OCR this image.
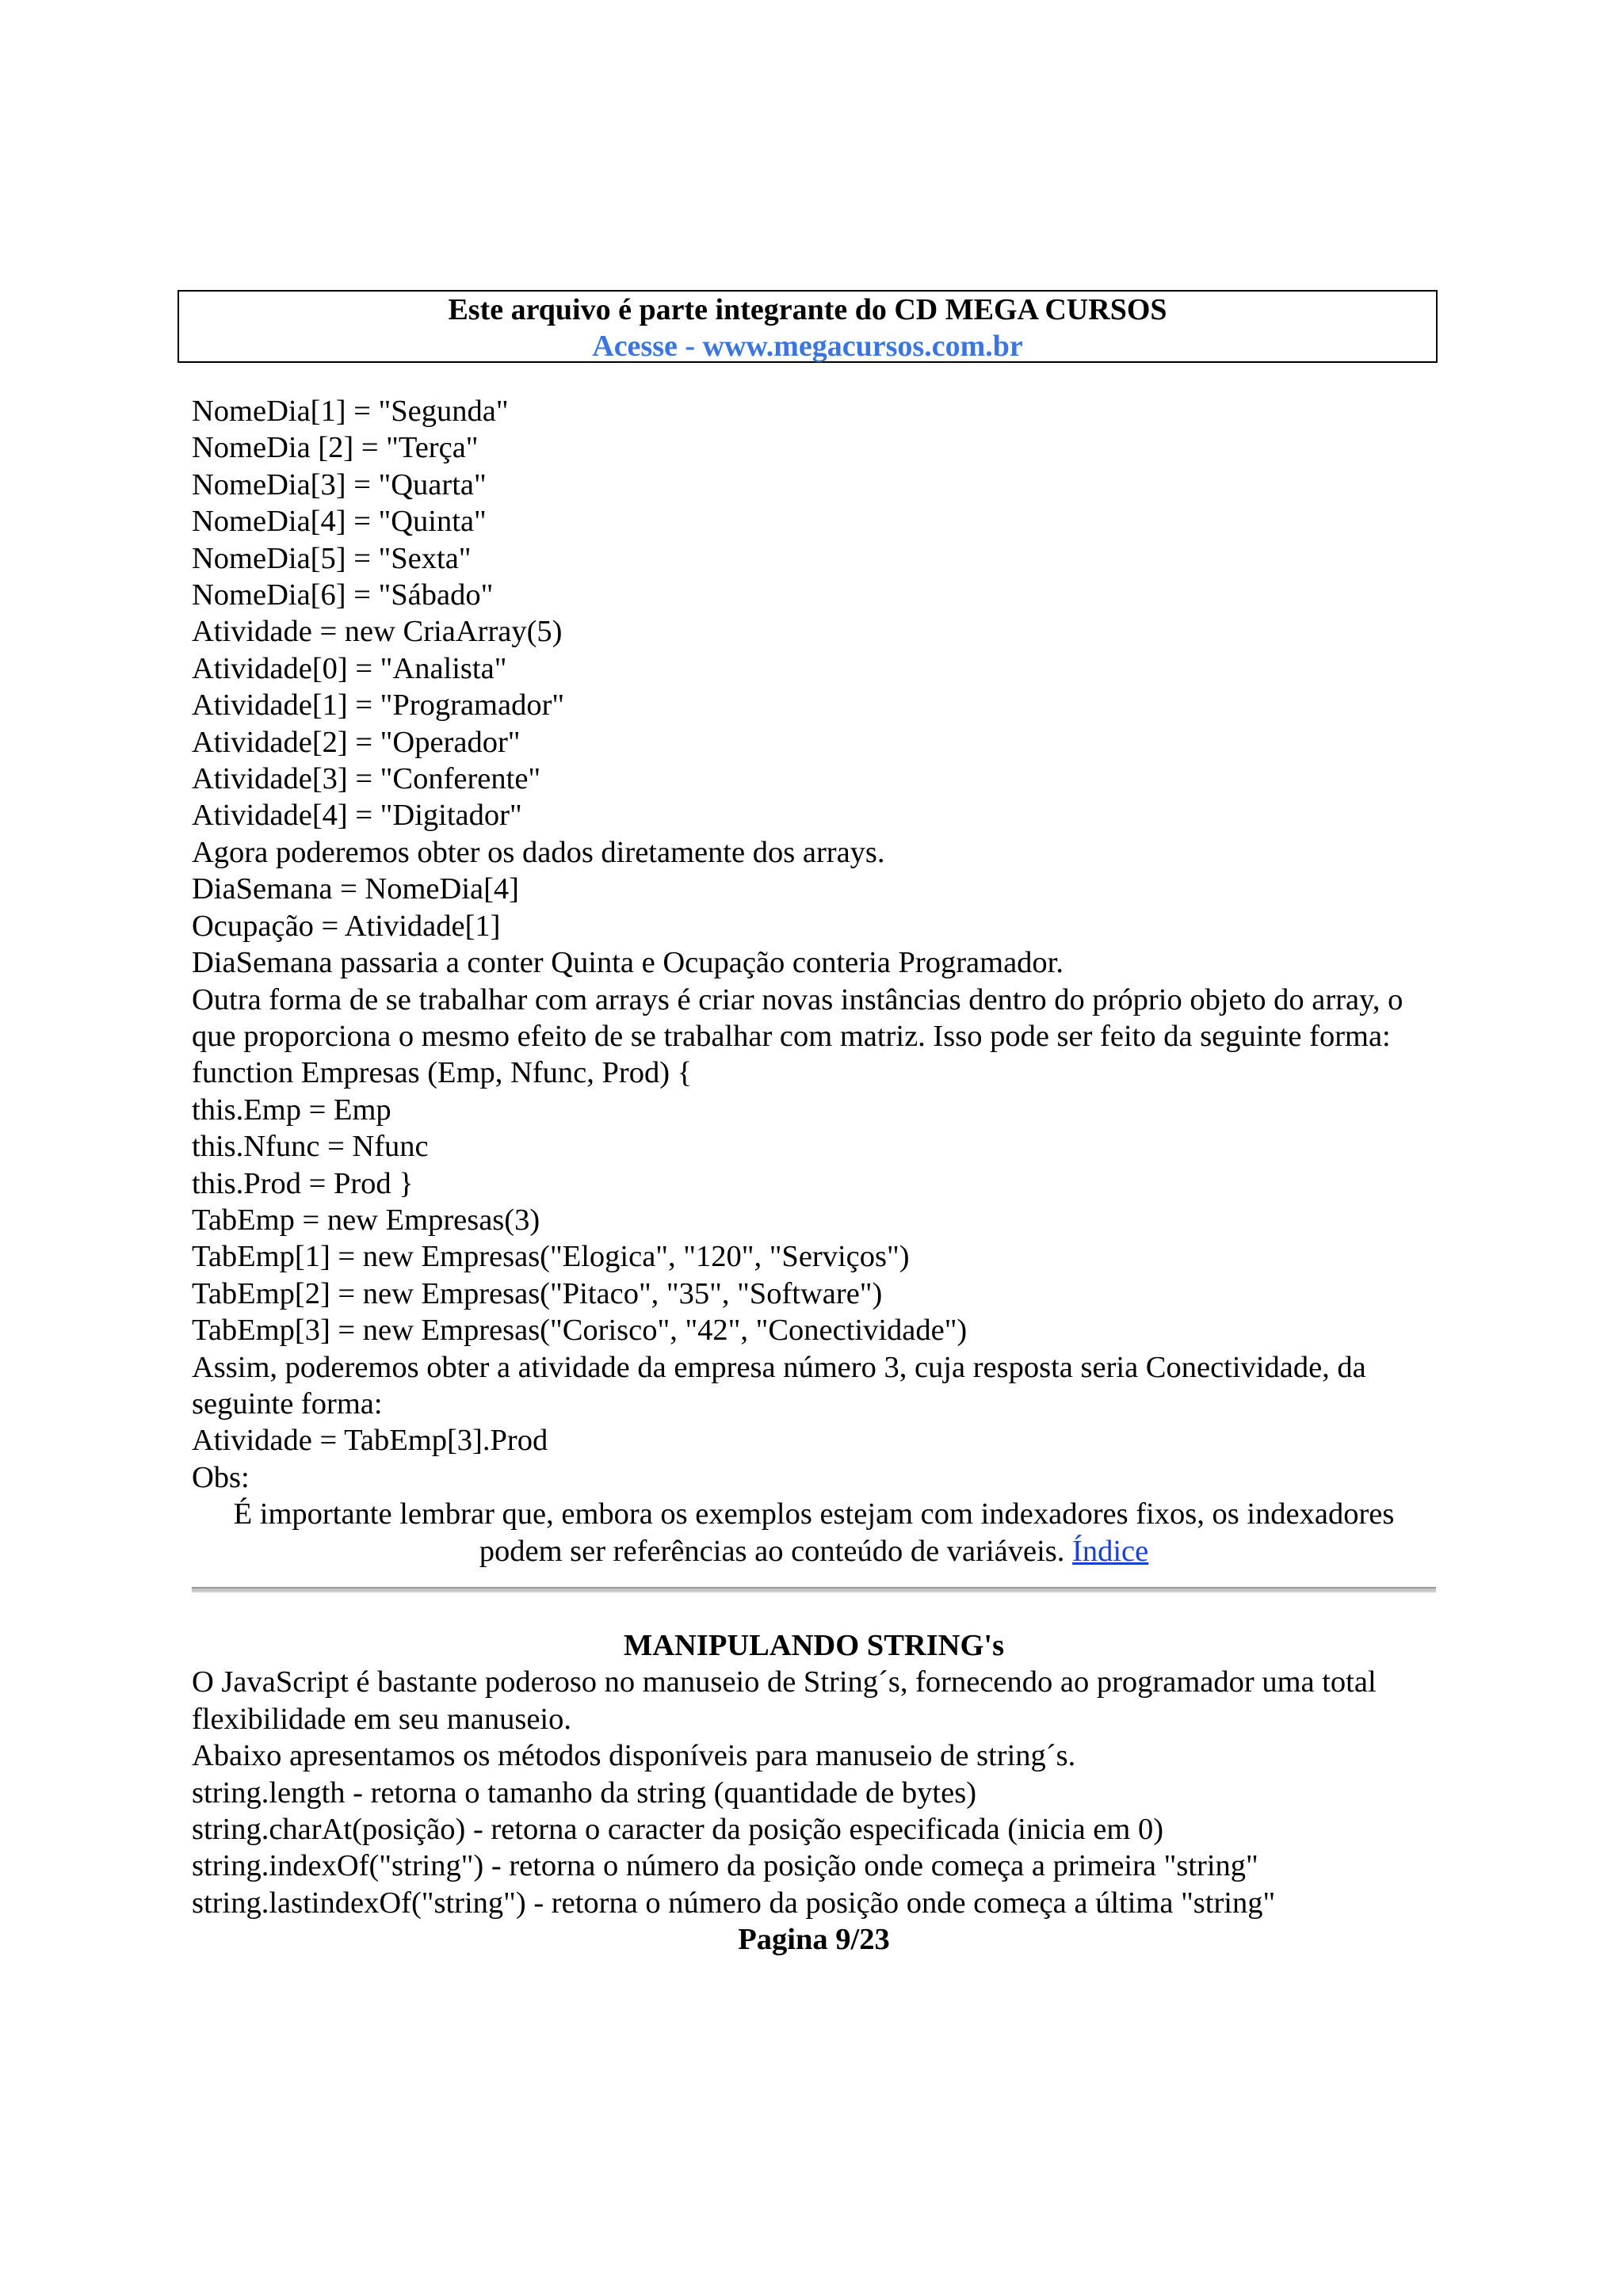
Este arquivo é parte integrante do CD MEGA CURSOS
Acesse - www.megacursos.com.br
NomeDia[1] = "Segunda"
NomeDia [2] = "Terça"
NomeDia[3] = "Quarta"
NomeDia[4] = "Quinta"
NomeDia[5] = "Sexta"
NomeDia[6] = "Sábado"
Atividade = new CriaArray(5)
Atividade[0] = "Analista"
Atividade[1] = "Programador"
Atividade[2] = "Operador"
Atividade[3] = "Conferente"
Atividade[4] = "Digitador"
Agora poderemos obter os dados diretamente dos arrays.
DiaSemana = NomeDia[4]
Ocupação = Atividade[1]
DiaSemana passaria a conter Quinta e Ocupação conteria Programador.
Outra forma de se trabalhar com arrays é criar novas instâncias dentro do próprio objeto do array, o que proporciona o mesmo efeito de se trabalhar com matriz. Isso pode ser feito da seguinte forma:
function Empresas (Emp, Nfunc, Prod) {
this.Emp = Emp
this.Nfunc = Nfunc
this.Prod = Prod }
TabEmp = new Empresas(3)
TabEmp[1] = new Empresas("Elogica", "120", "Serviços")
TabEmp[2] = new Empresas("Pitaco", "35", "Software")
TabEmp[3] = new Empresas("Corisco", "42", "Conectividade")
Assim, poderemos obter a atividade da empresa número 3, cuja resposta seria Conectividade, da seguinte forma:
Atividade = TabEmp[3].Prod
Obs:
É importante lembrar que, embora os exemplos estejam com indexadores fixos, os indexadores podem ser referências ao conteúdo de variáveis. Índice
MANIPULANDO STRING's
O JavaScript é bastante poderoso no manuseio de String´s, fornecendo ao programador uma total flexibilidade em seu manuseio.
Abaixo apresentamos os métodos disponíveis para manuseio de string´s.
string.length - retorna o tamanho da string (quantidade de bytes)
string.charAt(posição) - retorna o caracter da posição especificada (inicia em 0)
string.indexOf("string") - retorna o número da posição onde começa a primeira "string"
string.lastindexOf("string") - retorna o número da posição onde começa a última "string"
Pagina 9/23
